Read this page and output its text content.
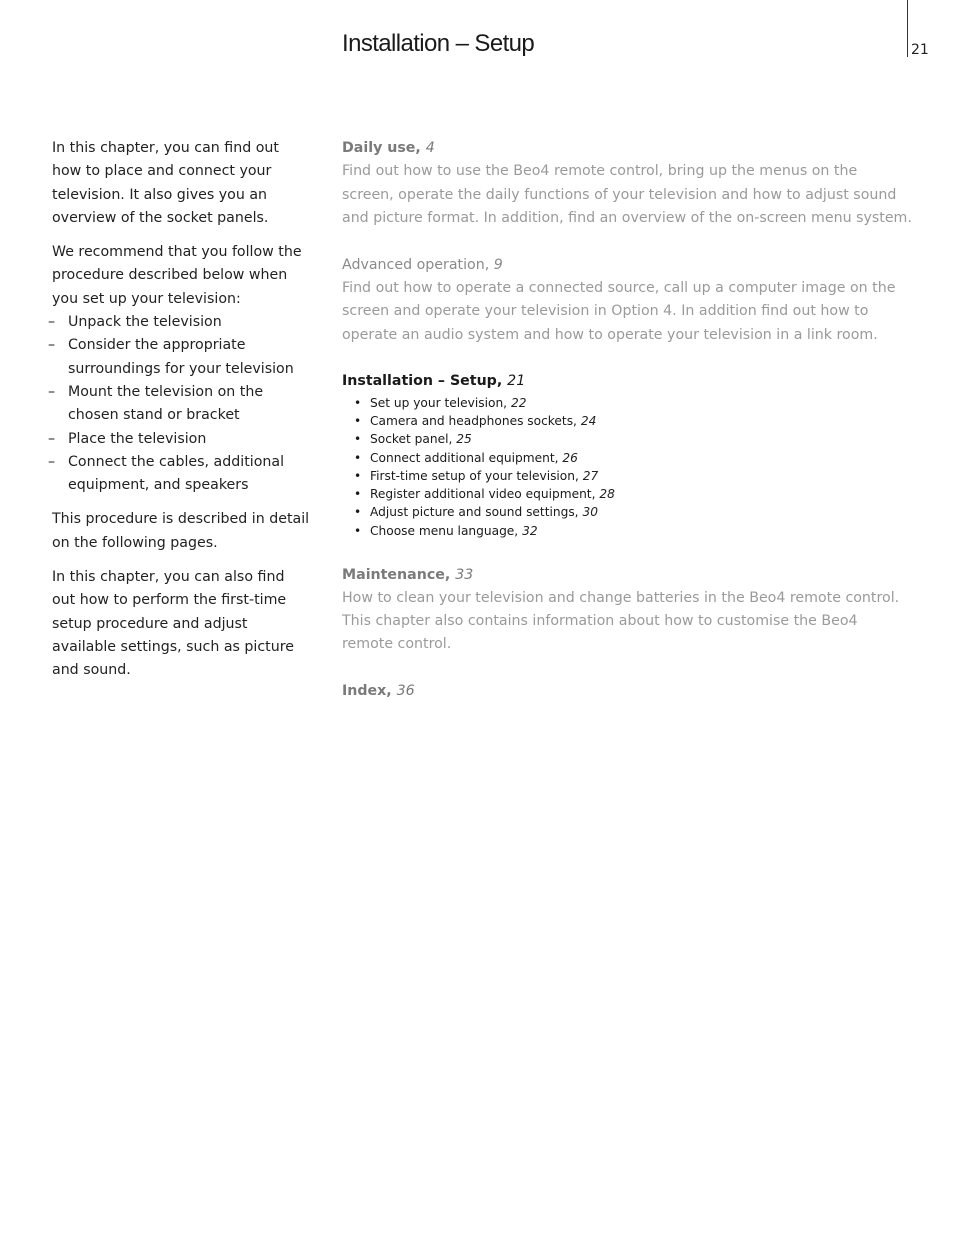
Installation – Setup	21

In this chapter, you can find out how to place and connect your television. It also gives you an overview of the socket panels.

We recommend that you follow the procedure described below when you set up your television:

– Unpack the television
– Consider the appropriate surroundings for your television
– Mount the television on the chosen stand or bracket
– Place the television
– Connect the cables, additional equipment, and speakers

This procedure is described in detail on the following pages.

In this chapter, you can also find out how to perform the first-time setup procedure and adjust available settings, such as picture and sound.

Daily use, 4
Find out how to use the Beo4 remote control, bring up the menus on the screen, operate the daily functions of your television and how to adjust sound and picture format. In addition, find an overview of the on-screen menu system.
Advanced operation, 9
Find out how to operate a connected source, call up a computer image on the screen and operate your television in Option 4. In addition find out how to operate an audio system and how to operate your television in a link room.
Installation – Setup, 21
• Set up your television, 22
• Camera and headphones sockets, 24
• Socket panel, 25
• Connect additional equipment, 26
• First-time setup of your television, 27
• Register additional video equipment, 28
• Adjust picture and sound settings, 30
• Choose menu language, 32
Maintenance, 33
How to clean your television and change batteries in the Beo4 remote control. This chapter also contains information about how to customise the Beo4 remote control.
Index, 36
